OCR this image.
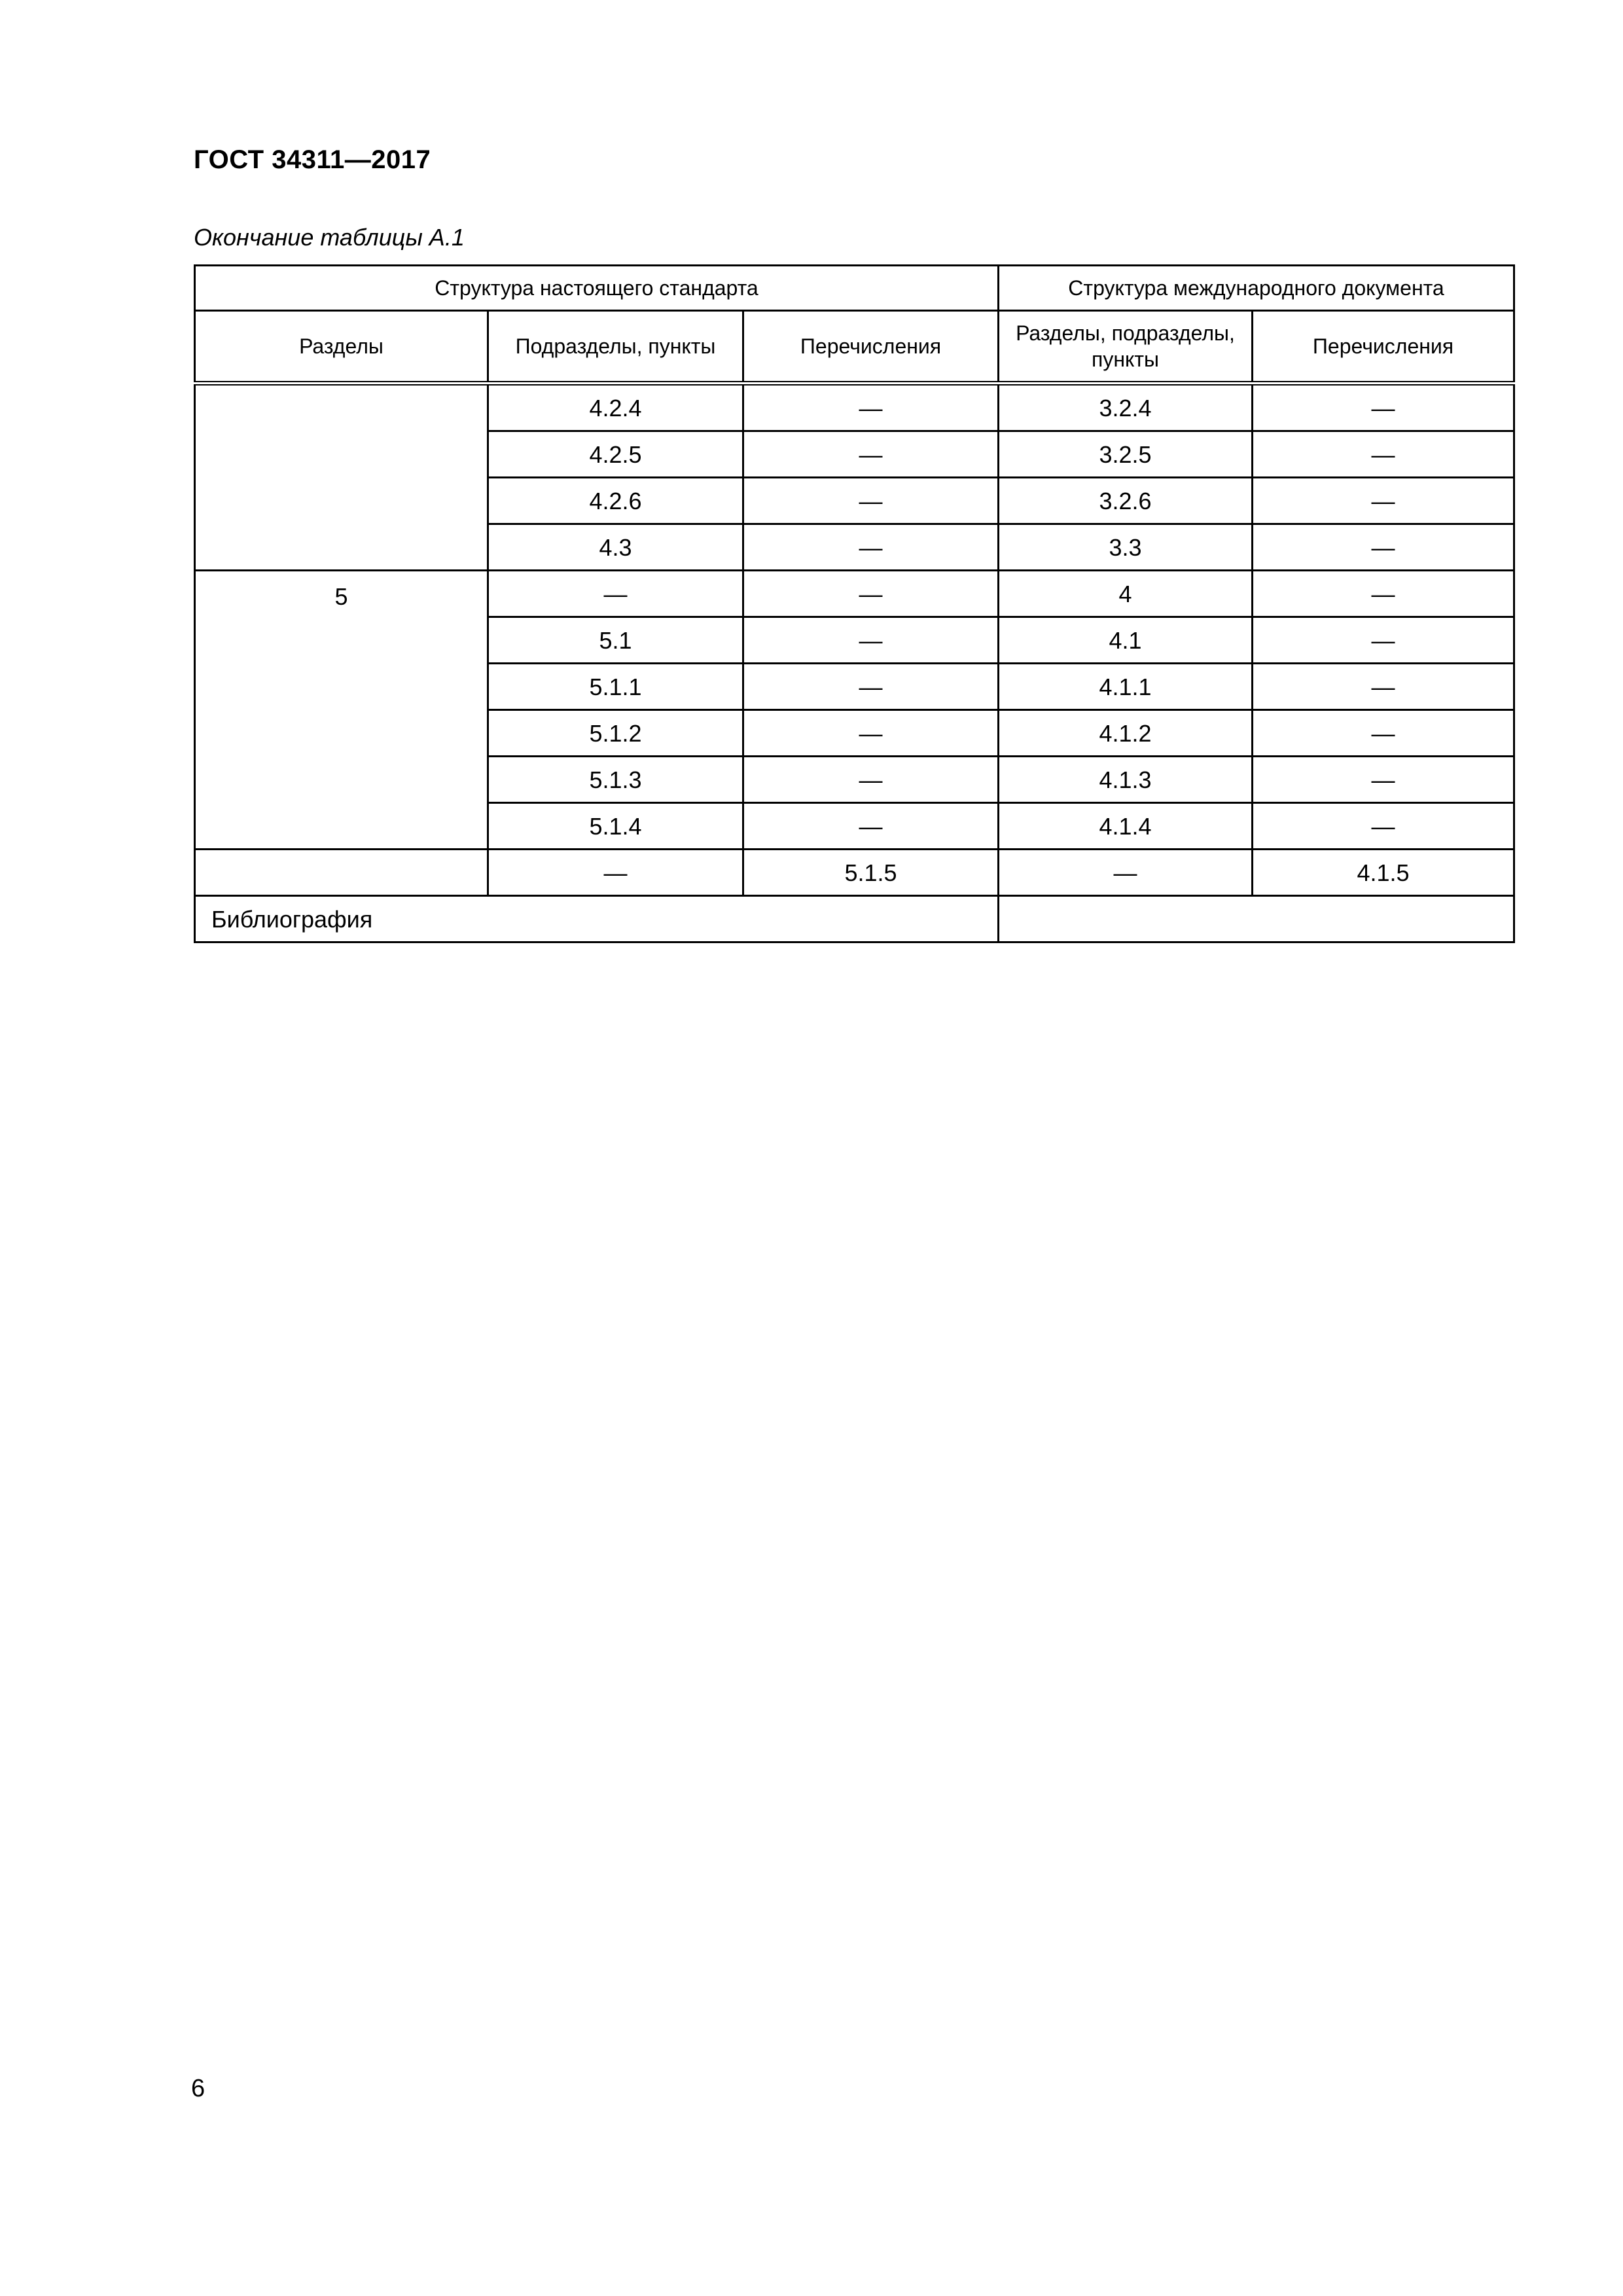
ГОСТ 34311—2017
Окончание таблицы А.1
Структура настоящего стандарта			Структура международного документа	
Разделы	Подразделы, пункты	Перечисления	Разделы, подразделы, пункты	Перечисления
	4.2.4	—	3.2.4	—
	4.2.5	—	3.2.5	—
	4.2.6	—	3.2.6	—
	4.3	—	3.3	—
5	—	—	4	—
	5.1	—	4.1	—
	5.1.1	—	4.1.1	—
	5.1.2	—	4.1.2	—
	5.1.3	—	4.1.3	—
	5.1.4	—	4.1.4	—
	—	5.1.5	—	4.1.5
Библиография				
6
